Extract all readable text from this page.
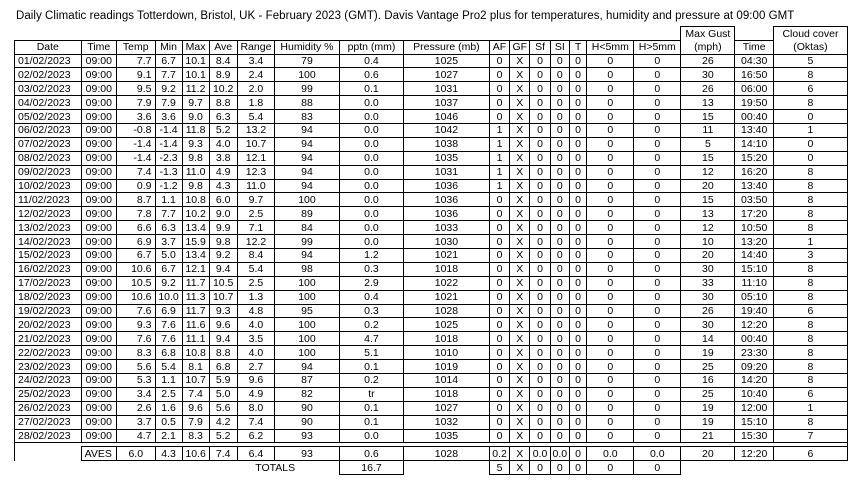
Daily Climatic readings Totterdown, Bristol, UK - February 2023 (GMT). Davis Vantage Pro2 plus for temperatures, humidity and pressure at 09:00 GMT
																	Max Gust		Cloud cover
Date	Time	Temp	Min	Max	Ave	Range	Humidity %	pptn (mm)	Pressure (mb)	AF	GF	Sf	SI	T	H<5mm	H>5mm	(mph)	Time	(Oktas)
01/02/2023	09:00	7.7	6.7	10.1	8.4	3.4	79	0.4	1025	0	X	0	0	0	0	0	26	04:30	5
02/02/2023	09:00	9.1	7.7	10.1	8.9	2.4	100	0.6	1027	0	X	0	0	0	0	0	30	16:50	8
03/02/2023	09:00	9.5	9.2	11.2	10.2	2.0	99	0.1	1031	0	X	0	0	0	0	0	26	06:00	6
04/02/2023	09:00	7.9	7.9	9.7	8.8	1.8	88	0.0	1037	0	X	0	0	0	0	0	13	19:50	8
05/02/2023	09:00	3.6	3.6	9.0	6.3	5.4	83	0.0	1046	0	X	0	0	0	0	0	15	00:40	0
06/02/2023	09:00	-0.8	-1.4	11.8	5.2	13.2	94	0.0	1042	1	X	0	0	0	0	0	11	13:40	1
07/02/2023	09:00	-1.4	-1.4	9.3	4.0	10.7	94	0.0	1038	1	X	0	0	0	0	0	5	14:10	0
08/02/2023	09:00	-1.4	-2.3	9.8	3.8	12.1	94	0.0	1035	1	X	0	0	0	0	0	15	15:20	0
09/02/2023	09:00	7.4	-1.3	11.0	4.9	12.3	94	0.0	1031	1	X	0	0	0	0	0	12	16:20	8
10/02/2023	09:00	0.9	-1.2	9.8	4.3	11.0	94	0.0	1036	1	X	0	0	0	0	0	20	13:40	8
11/02/2023	09:00	8.7	1.1	10.8	6.0	9.7	100	0.0	1036	0	X	0	0	0	0	0	15	03:50	8
12/02/2023	09:00	7.8	7.7	10.2	9.0	2.5	89	0.0	1036	0	X	0	0	0	0	0	13	17:20	8
13/02/2023	09:00	6.6	6.3	13.4	9.9	7.1	84	0.0	1033	0	X	0	0	0	0	0	12	10:50	8
14/02/2023	09:00	6.9	3.7	15.9	9.8	12.2	99	0.0	1030	0	X	0	0	0	0	0	10	13:20	1
15/02/2023	09:00	6.7	5.0	13.4	9.2	8.4	94	1.2	1021	0	X	0	0	0	0	0	20	14:40	3
16/02/2023	09:00	10.6	6.7	12.1	9.4	5.4	98	0.3	1018	0	X	0	0	0	0	0	30	15:10	8
17/02/2023	09:00	10.5	9.2	11.7	10.5	2.5	100	2.9	1022	0	X	0	0	0	0	0	33	11:10	8
18/02/2023	09:00	10.6	10.0	11.3	10.7	1.3	100	0.4	1021	0	X	0	0	0	0	0	30	05:10	8
19/02/2023	09:00	7.6	6.9	11.7	9.3	4.8	95	0.3	1028	0	X	0	0	0	0	0	26	19:40	6
20/02/2023	09:00	9.3	7.6	11.6	9.6	4.0	100	0.2	1025	0	X	0	0	0	0	0	30	12:20	8
21/02/2023	09:00	7.6	7.6	11.1	9.4	3.5	100	4.7	1018	0	X	0	0	0	0	0	14	00:40	8
22/02/2023	09:00	8.3	6.8	10.8	8.8	4.0	100	5.1	1010	0	X	0	0	0	0	0	19	23:30	8
23/02/2023	09:00	5.6	5.4	8.1	6.8	2.7	94	0.1	1019	0	X	0	0	0	0	0	25	09:20	8
24/02/2023	09:00	5.3	1.1	10.7	5.9	9.6	87	0.2	1014	0	X	0	0	0	0	0	16	14:20	8
25/02/2023	09:00	3.4	2.5	7.4	5.0	4.9	82	tr	1018	0	X	0	0	0	0	0	25	10:40	6
26/02/2023	09:00	2.6	1.6	9.6	5.6	8.0	90	0.1	1027	0	X	0	0	0	0	0	19	12:00	1
27/02/2023	09:00	3.7	0.5	7.9	4.2	7.4	90	0.1	1032	0	X	0	0	0	0	0	19	15:10	8
28/02/2023	09:00	4.7	2.1	8.3	5.2	6.2	93	0.0	1035	0	X	0	0	0	0	0	21	15:30	7

	AVES	6.0	4.3	10.6	7.4	6.4	93	0.6	1028	0.2	X	0.0	0.0	0	0.0	0.0	20	12:20	6
						TOTALS		16.7		5	X	0	0	0	0	0			
